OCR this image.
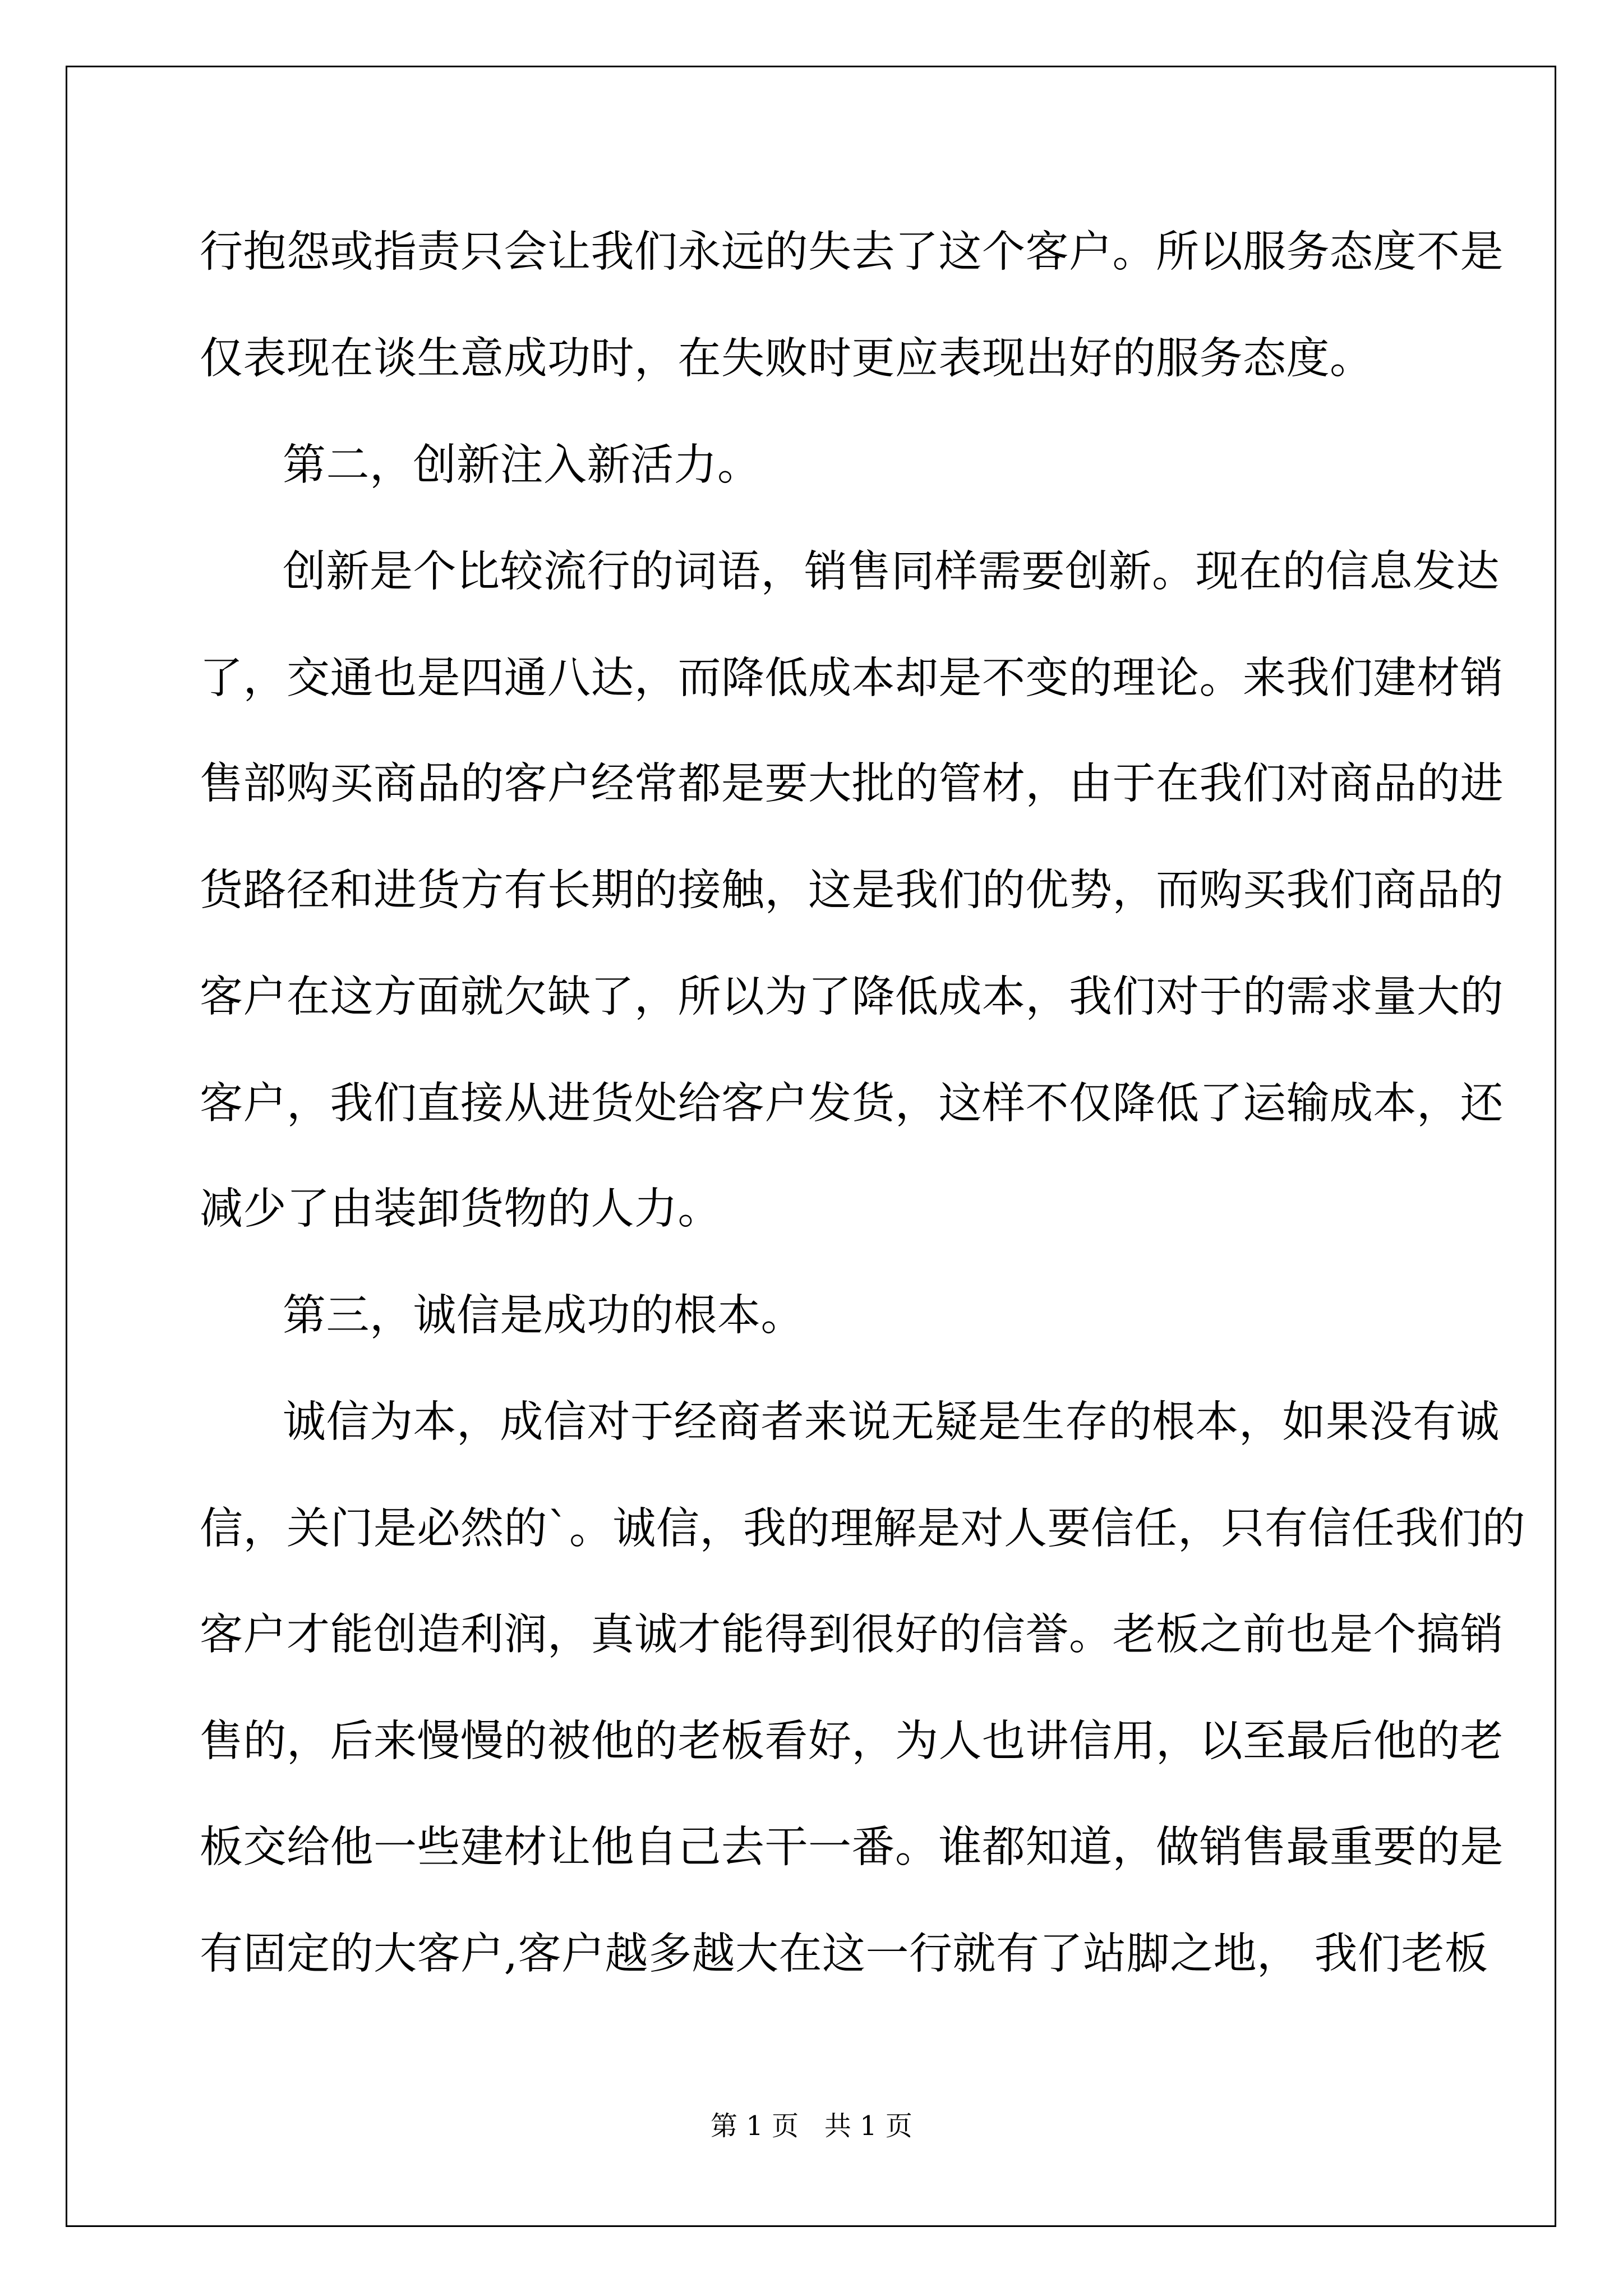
行抱怨或指责只会让我们永远的失去了这个客户。所以服务态度不是
仅表现在谈生意成功时，在失败时更应表现出好的服务态度。
第二，创新注入新活力。
创新是个比较流行的词语，销售同样需要创新。现在的信息发达
了，交通也是四通八达，而降低成本却是不变的理论。来我们建材销
售部购买商品的客户经常都是要大批的管材，由于在我们对商品的进
货路径和进货方有长期的接触，这是我们的优势，而购买我们商品的
客户在这方面就欠缺了，所以为了降低成本，我们对于的需求量大的
客户，我们直接从进货处给客户发货，这样不仅降低了运输成本，还
减少了由装卸货物的人力。
第三，诚信是成功的根本。
诚信为本，成信对于经商者来说无疑是生存的根本，如果没有诚
信，关门是必然的`。诚信，我的理解是对人要信任，只有信任我们的
客户才能创造利润，真诚才能得到很好的信誉。老板之前也是个搞销
售的，后来慢慢的被他的老板看好，为人也讲信用，以至最后他的老
板交给他一些建材让他自己去干一番。谁都知道，做销售最重要的是
有固定的大客户,客户越多越大在这一行就有了站脚之地， 我们老板
第 1 页   共 1 页
